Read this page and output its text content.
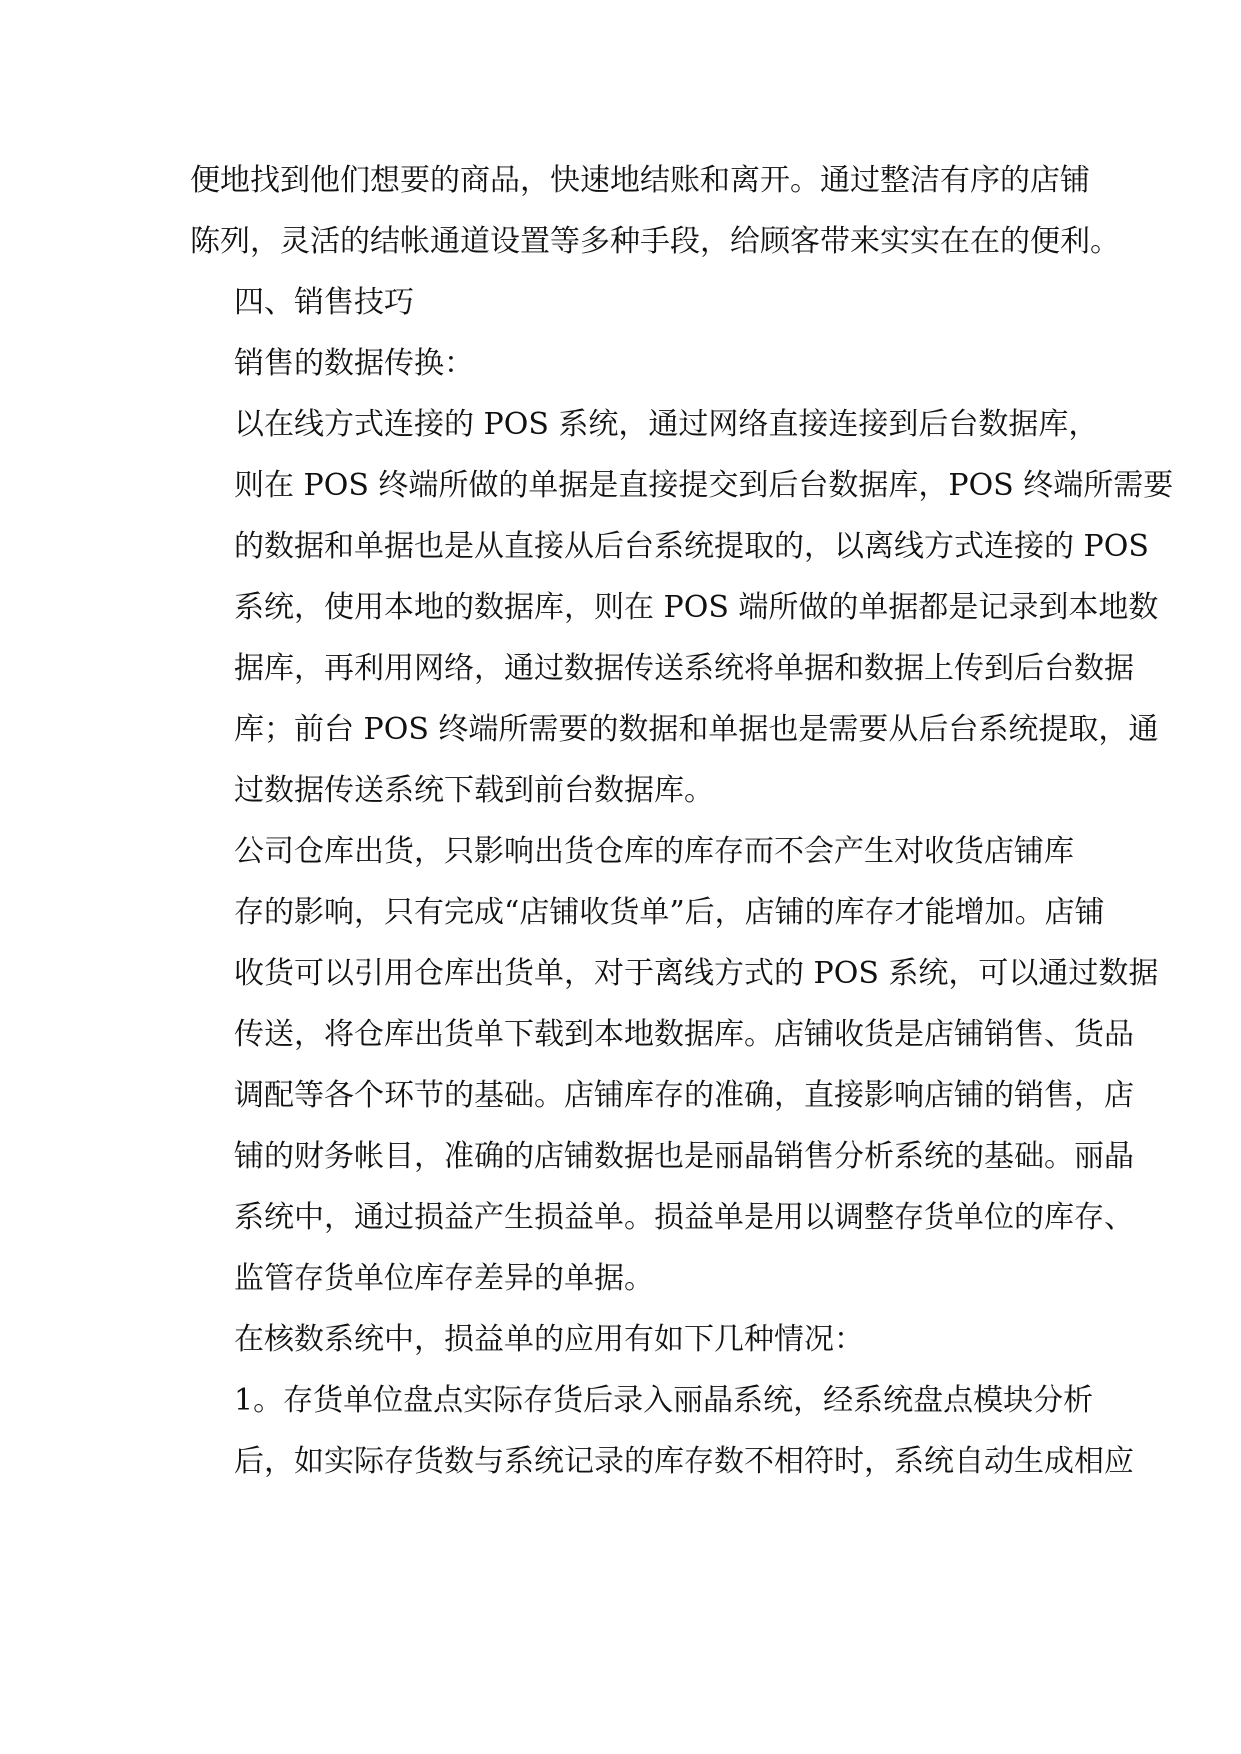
便地找到他们想要的商品，快速地结账和离开。通过整洁有序的店铺
陈列，灵活的结帐通道设置等多种手段，给顾客带来实实在在的便利。

四、销售技巧

销售的数据传换：

以在线方式连接的 POS 系统，通过网络直接连接到后台数据库，
则在 POS 终端所做的单据是直接提交到后台数据库，POS 终端所需要
的数据和单据也是从直接从后台系统提取的，以离线方式连接的 POS
系统，使用本地的数据库，则在 POS 端所做的单据都是记录到本地数
据库，再利用网络，通过数据传送系统将单据和数据上传到后台数据
库；前台 POS 终端所需要的数据和单据也是需要从后台系统提取，通
过数据传送系统下载到前台数据库。

公司仓库出货，只影响出货仓库的库存而不会产生对收货店铺库
存的影响，只有完成“店铺收货单”后，店铺的库存才能增加。店铺
收货可以引用仓库出货单，对于离线方式的 POS 系统，可以通过数据
传送，将仓库出货单下载到本地数据库。店铺收货是店铺销售、货品
调配等各个环节的基础。店铺库存的准确，直接影响店铺的销售，店
铺的财务帐目，准确的店铺数据也是丽晶销售分析系统的基础。丽晶
系统中，通过损益产生损益单。损益单是用以调整存货单位的库存、
监管存货单位库存差异的单据。

在核数系统中，损益单的应用有如下几种情况：

1。存货单位盘点实际存货后录入丽晶系统，经系统盘点模块分析
后，如实际存货数与系统记录的库存数不相符时，系统自动生成相应
